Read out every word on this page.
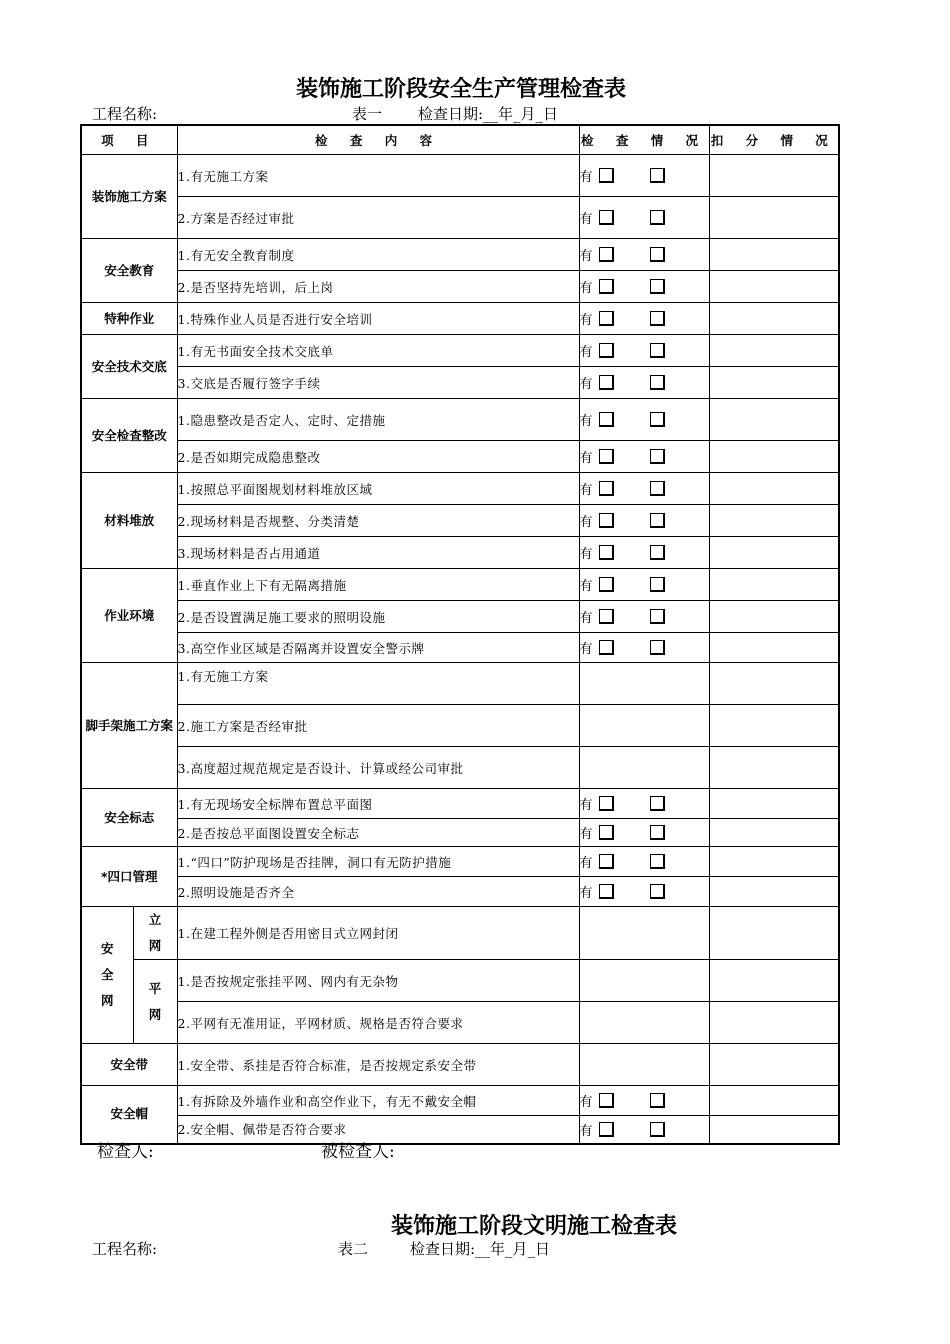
装饰施工阶段安全生产管理检查表
工程名称:	表一 检查日期:__年_月_日
项 目		检 查 内 容	检 查 情 况	扣 分 情 况
装饰施工方案		1.有无施工方案	有	
		2.方案是否经过审批	有	
安全教育		1.有无安全教育制度	有	
		2.是否坚持先培训，后上岗	有	
特种作业		1.特殊作业人员是否进行安全培训	有	
安全技术交底		1.有无书面安全技术交底单	有	
		3.交底是否履行签字手续	有	
安全检查整改		1.隐患整改是否定人、定时、定措施	有	
		2.是否如期完成隐患整改	有	
材料堆放		1.按照总平面图规划材料堆放区域	有	
		2.现场材料是否规整、分类清楚	有	
		3.现场材料是否占用通道	有	
作业环境		1.垂直作业上下有无隔离措施	有	
		2.是否设置满足施工要求的照明设施	有	
		3.高空作业区域是否隔离并设置安全警示牌	有	
脚手架施工方案		1.有无施工方案		
		2.施工方案是否经审批		
		3.高度超过规范规定是否设计、计算或经公司审批		
安全标志		1.有无现场安全标牌布置总平面图	有	
		2.是否按总平面图设置安全标志	有	
*四口管理		1.“四口”防护现场是否挂牌，洞口有无防护措施	有	
		2.照明设施是否齐全	有	
安全网	立网	1.在建工程外侧是否用密目式立网封闭		
	平网	1.是否按规定张挂平网、网内有无杂物		
		2.平网有无准用证，平网材质、规格是否符合要求		
安全带		1.安全带、系挂是否符合标准，是否按规定系安全带		
安全帽		1.有拆除及外墙作业和高空作业下，有无不戴安全帽	有	
		2.安全帽、佩带是否符合要求	有	
检查人:	被检查人:
装饰施工阶段文明施工检查表
工程名称:	表二	检查日期:__年_月_日
